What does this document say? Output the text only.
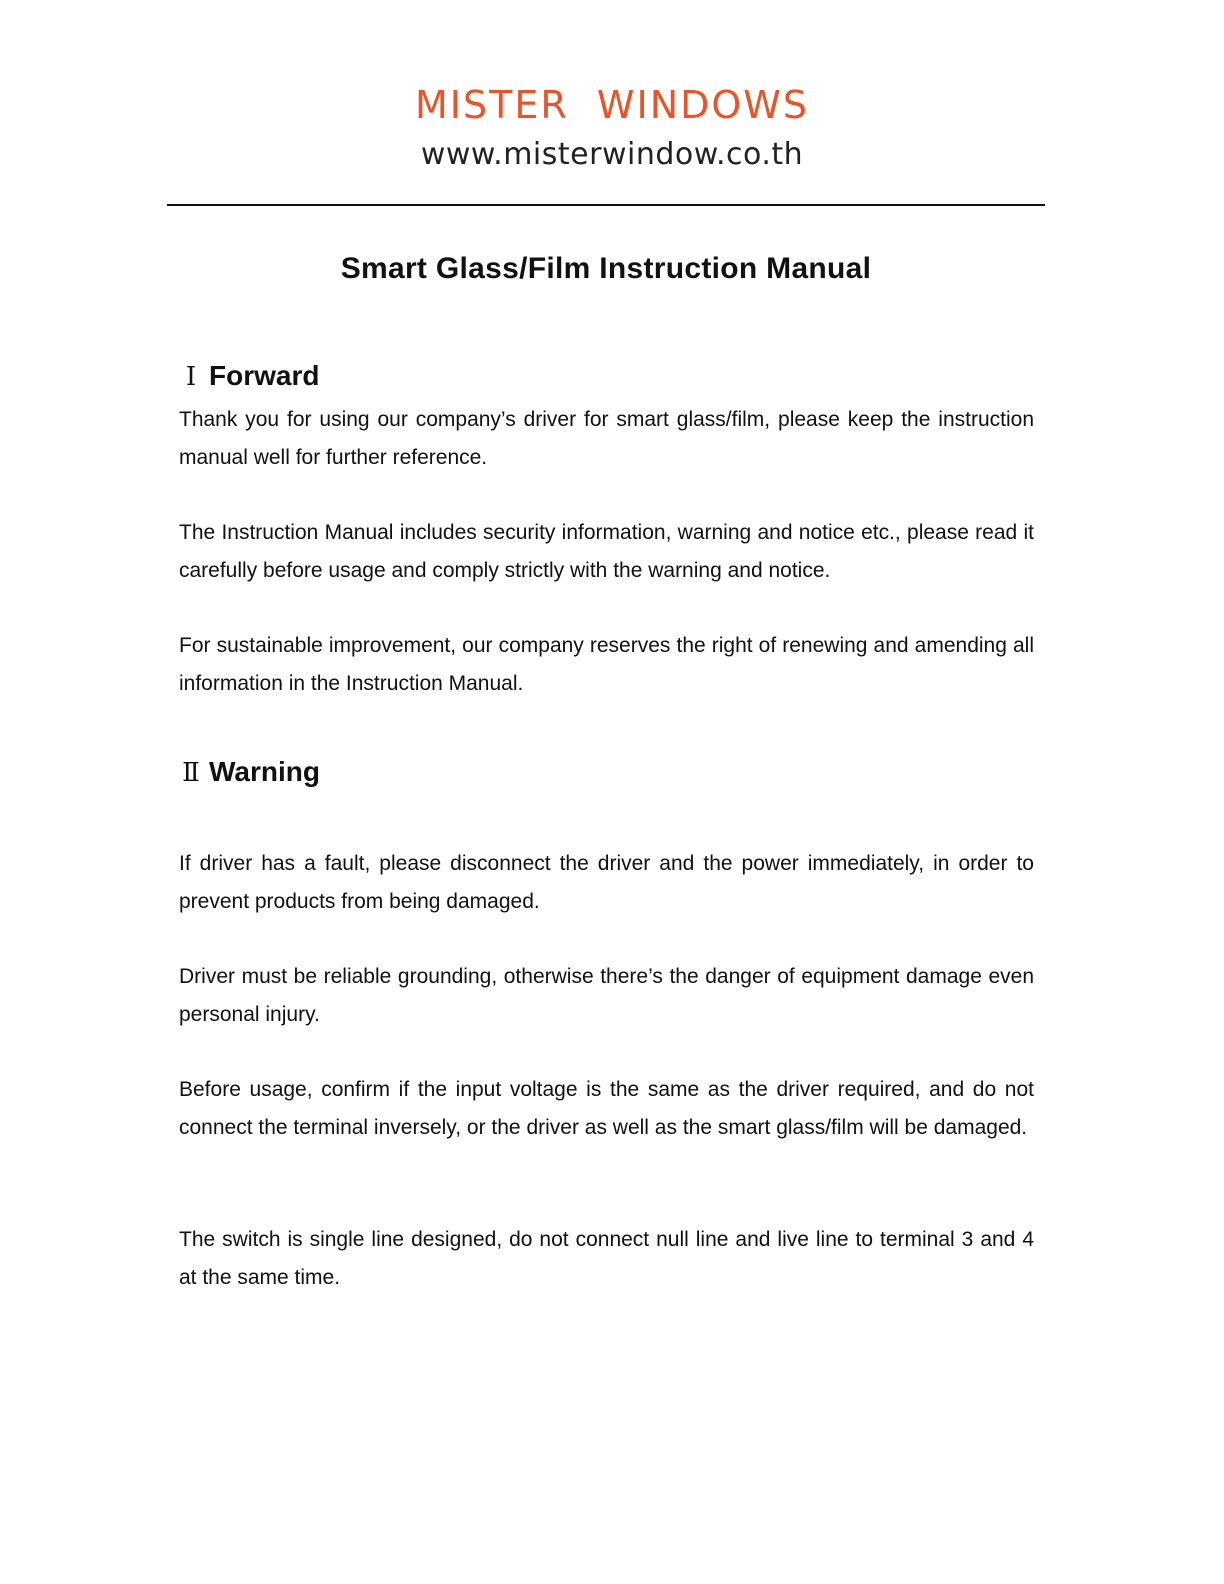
MISTER  WINDOWS
www.misterwindow.co.th
Smart Glass/Film Instruction Manual
Ⅰ Forward

Thank you for using our company’s driver for smart glass/film, please keep the instruction manual well for further reference.

The Instruction Manual includes security information, warning and notice etc., please read it carefully before usage and comply strictly with the warning and notice.

For sustainable improvement, our company reserves the right of renewing and amending all information in the Instruction Manual.

Ⅱ Warning

If driver has a fault, please disconnect the driver and the power immediately, in order to prevent products from being damaged.

Driver must be reliable grounding, otherwise there’s the danger of equipment damage even personal injury.

Before usage, confirm if the input voltage is the same as the driver required, and do not connect the terminal inversely, or the driver as well as the smart glass/film will be damaged.

The switch is single line designed, do not connect null line and live line to terminal 3 and 4 at the same time.
